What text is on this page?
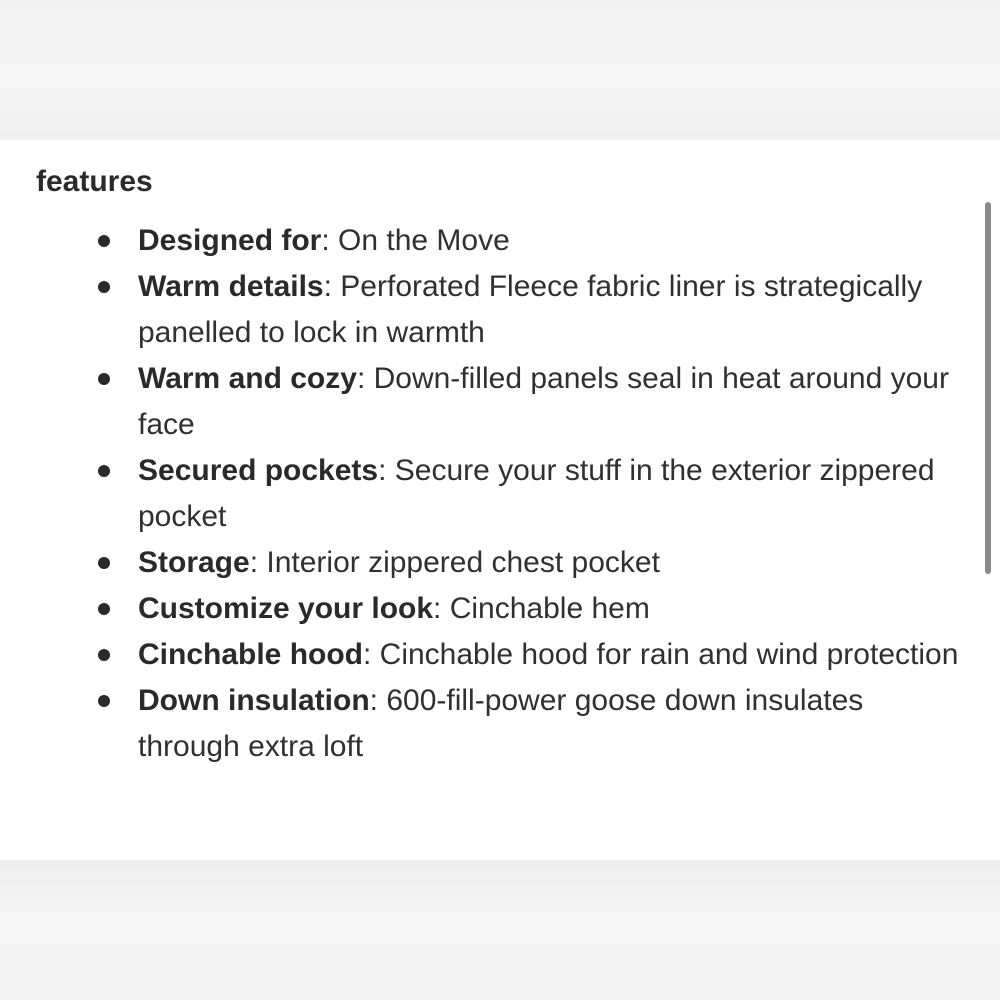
features
Designed for: On the Move
Warm details: Perforated Fleece fabric liner is strategically panelled to lock in warmth
Warm and cozy: Down-filled panels seal in heat around your face
Secured pockets: Secure your stuff in the exterior zippered pocket
Storage: Interior zippered chest pocket
Customize your look: Cinchable hem
Cinchable hood: Cinchable hood for rain and wind protection
Down insulation: 600-fill-power goose down insulates through extra loft
